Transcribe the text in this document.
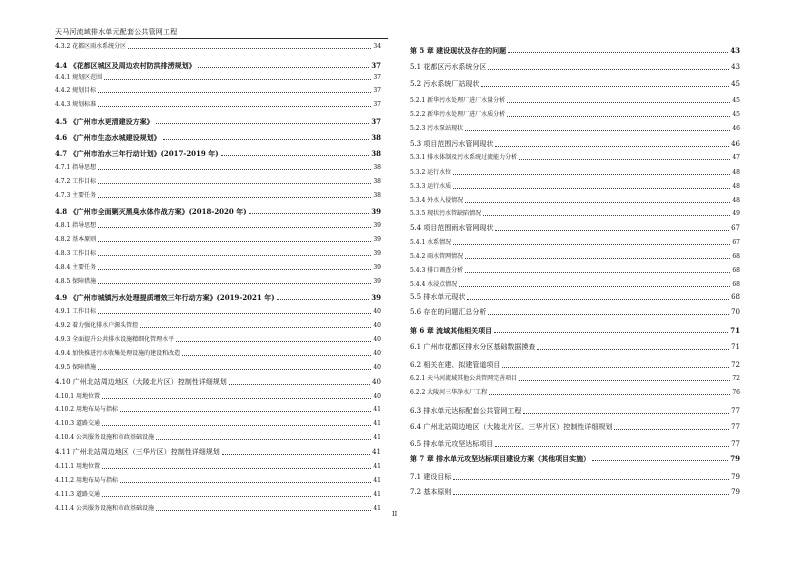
天马河流域排水单元配套公共管网工程
4.3.2 花都区雨水系统分区	34
4.4 《花都区城区及周边农村防洪排涝规划》	37
4.4.1 规划区范围	37
4.4.2 规划目标	37
4.4.3 规划标准	37
4.5 《广州市水更清建设方案》	37
4.6 《广州市生态水城建设规划》	38
4.7 《广州市治水三年行动计划》(2017-2019 年)	38
4.7.1 指导思想	38
4.7.2 工作目标	38
4.7.3 主要任务	38
4.8 《广州市全面剿灭黑臭水体作战方案》(2018-2020 年)	39
4.8.1 指导思想	39
4.8.2 基本原则	39
4.8.3 工作目标	39
4.8.4 主要任务	39
4.8.5 保障措施	39
4.9 《广州市城镇污水处理提质增效三年行动方案》(2019-2021 年)	39
4.9.1 工作目标	40
4.9.2 着力强化排水户源头管控	40
4.9.3 全面提升公共排水设施精细化管理水平	40
4.9.4 加快推进污水收集处理设施的建设和改造	40
4.9.5 保障措施	40
4.10 广州北站周边地区（大陵北片区）控制性详细规划	40
4.10.1 用地位置	40
4.10.2 用地布局与指标	41
4.10.3 道路交通	41
4.10.4 公共服务设施和市政基础设施	41
4.11 广州北站周边地区（三华片区）控制性详细规划	41
4.11.1 用地位置	41
4.11.2 用地布局与指标	41
4.11.3 道路交通	41
4.11.4 公共服务设施和市政基础设施	41
第 5 章 建设现状及存在的问题	43
5.1 花都区污水系统分区	43
5.2 污水系统厂站现状	45
5.2.1 新华污水处理厂进厂水量分析	45
5.2.2 新华污水处理厂进厂水质分析	45
5.2.3 污水泵站现状	46
5.3 项目范围污水管网现状	46
5.3.1 排水体制及污水系统过流能力分析	47
5.3.2 运行水位	48
5.3.3 运行水质	48
5.3.4 外水入侵情况	48
5.3.5 现状污水管缺陷情况	49
5.4 项目范围雨水管网现状	67
5.4.1 水系情况	67
5.4.2 雨水管网情况	68
5.4.3 排口调查分析	68
5.4.4 水浸点情况	68
5.5 排水单元现状	68
5.6 存在的问题汇总分析	70
第 6 章 流域其他相关项目	71
6.1 广州市花都区排水分区基础数据摸查	71
6.2 相关在建、拟建管道项目	72
6.2.1 天马河流域其他公共管网完善项目	72
6.2.2 大陵河三华净水厂工程	76
6.3 排水单元达标配套公共管网工程	77
6.4 广州北站周边地区（大陵北片区、三华片区）控制性详细规划	77
6.5 排水单元攻坚达标项目	77
第 7 章 排水单元攻坚达标项目建设方案（其他项目实施）	79
7.1 建设目标	79
7.2 基本原则	79
II
